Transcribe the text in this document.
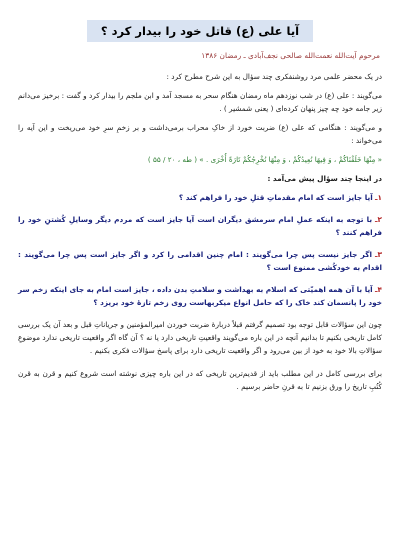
آیا علی (ع) قاتل خود را بیدار کرد ؟
مرحوم آیت‌الله نعمت‌الله صالحی نجف‌آبادی ـ رمضان ۱۳۸۶

در یک محضر علمی مرد روشنفکری چند سؤال به این شرح مطرح کرد :

می‌گویند : علی (ع) در شب نوزدهم ماه رمضان هنگام سحر به مسجد آمد و ابن ملجم را بیدار کرد و گفت : برخیز می‌دانم زیر جامه خود چه چیز پنهان کرده‌ای ( یعنی شمشیر ) .

و می‌گویند : هنگامی که علی (ع) ضربت خورد از خاکِ محراب برمی‌داشت و بر زخمِ سرِ خود می‌ریخت و این آیه را می‌خواند :

« مِنْهَا خَلَقْنَاكُمْ ، وَ فِيهَا نُعِيدُكُمْ ، وَ مِنْهَا نُخْرِجُكُمْ تَارَةً أُخْرَى . » ( طه ، ۲۰ / ۵۵ )
در اینجا چند سؤال پیش می‌آمد :
۱ـ آیا جایز است که امام مقدماتِ قتلِ خود را فراهم کند ؟
۲ـ با توجه به اینکه عملِ امام سرمشق دیگران است آیا جایز است که مردم دیگر وسایلِ کُشتنِ خود را فراهم کنند ؟
۳ـ اگر جایز نیست پس چرا می‌گویند : امام چنین اقدامی را کرد و اگر جایز است پس چرا می‌گویند : اقدام به خودکُشی ممنوع است ؟
۴ـ آیا با آن همه اهمیّتی که اسلام به بهداشت و سلامتِ بدن داده ، جایز است امام به جای اینکه زخم سر خود را پانسمان کند خاک را که حامل انواع میکربهاست روی زخم تازهٔ خود بریزد ؟

چون این سؤالات قابل توجه بود تصمیم گرفتم قبلاً دربارهٔ ضربت خوردن امیرالمؤمنین و جریاناتِ قبل و بعد آن یک بررسی کامل تاریخی بکنیم تا بدانیم آنچه در این باره می‌گویند واقعیتِ تاریخی دارد یا نه ؟ آن گاه اگر واقعیت تاریخی ندارد موضوعِ سؤالاتِ بالا خود به خود از بین می‌رود و اگر واقعیت تاریخی دارد برای پاسخ سؤالات فکری بکنیم .

برای بررسی کامل در این مطلب باید از قدیم‌ترین تاریخی که در این باره چیزی نوشته است شروع کنیم و قرن به قرن کُتُبِ تاریخ را ورق بزنیم تا به قرنِ حاضر برسیم .
